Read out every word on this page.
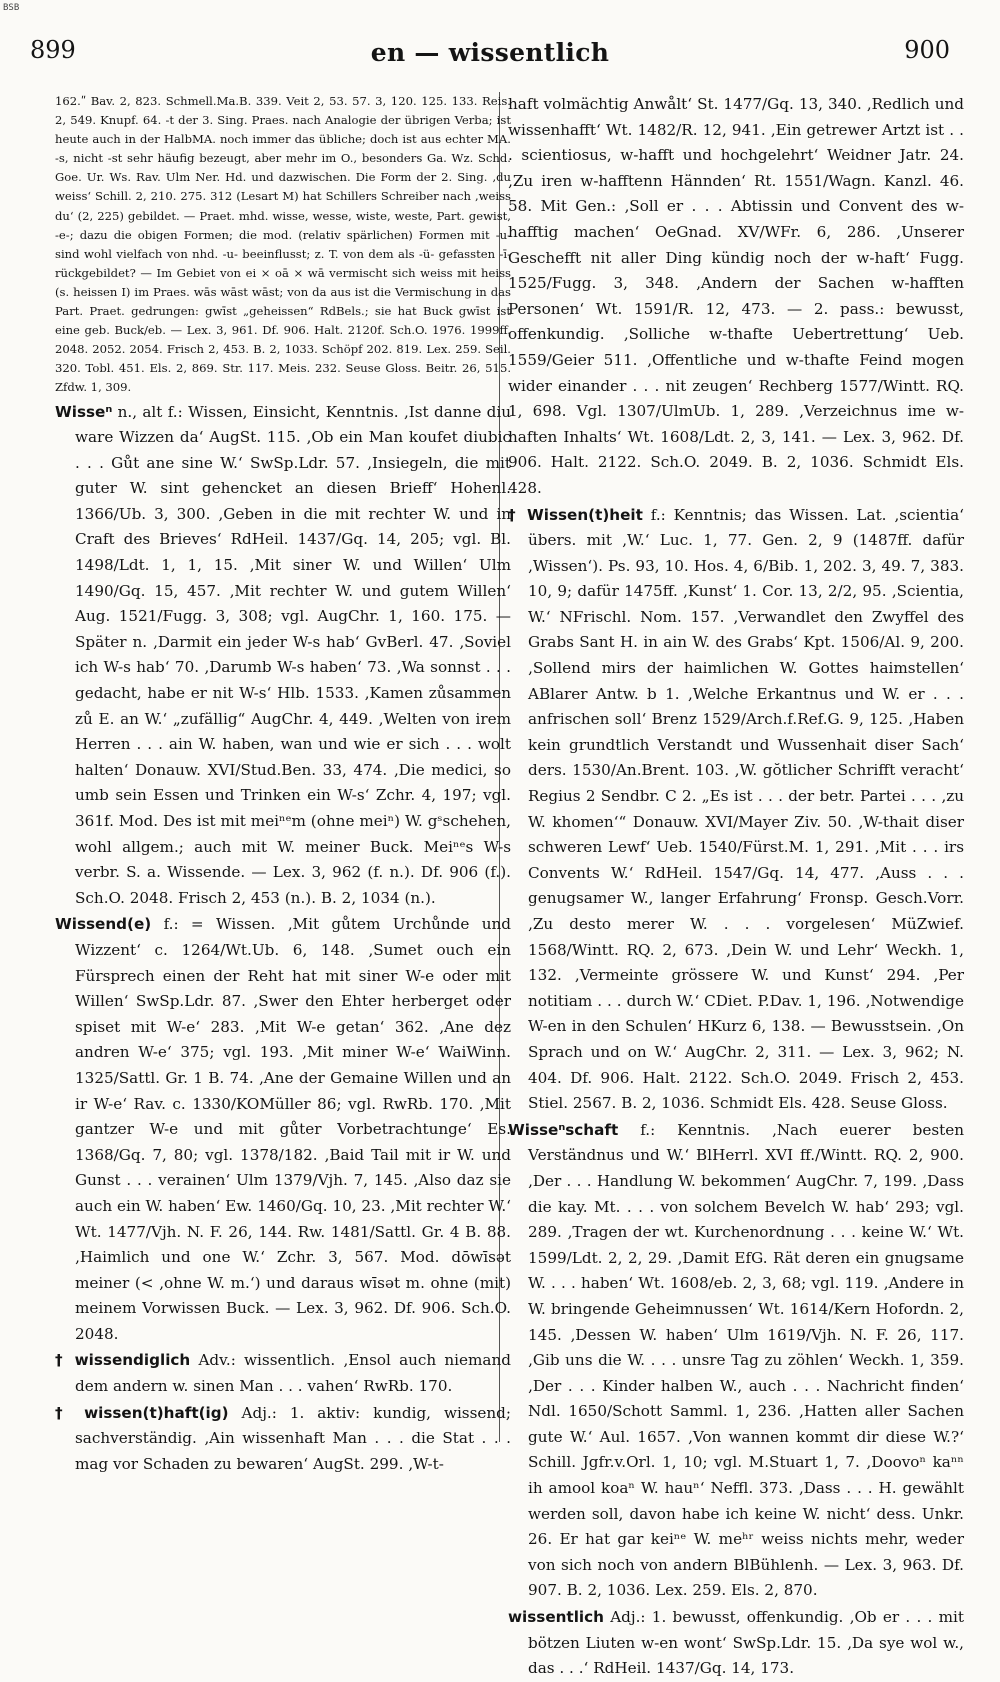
BSB
899	en — wissentlich	900

162.ʺ Bav. 2, 823. Schmell.Ma.B. 339. Veit 2, 53. 57. 3, 120. 125. 133. Reis. 2, 549. Knupf. 64. -t der 3. Sing. Praes. nach Analogie der übrigen Verba; ist heute auch in der HalbMA. noch immer das übliche; doch ist aus echter MA. -s, nicht -st sehr häufig bezeugt, aber mehr im O., besonders Ga. Wz. Schd. Goe. Ur. Ws. Rav. Ulm Ner. Hd. und dazwischen. Die Form der 2. Sing. ‚du weiss‘ Schill. 2, 210. 275. 312 (Lesart M) hat Schillers Schreiber nach ‚weiss du‘ (2, 225) gebildet. — Praet. mhd. wisse, wesse, wiste, weste, Part. gewist, -e-; dazu die obigen Formen; die mod. (relativ spärlichen) Formen mit -u- sind wohl vielfach von nhd. -u- beeinflusst; z. T. von dem als -ü- gefassten -ī- rückgebildet? — Im Gebiet von ei × oā × wā vermischt sich weiss mit heiss (s. heissen I) im Praes. wās wāst wāst; von da aus ist die Vermischung in das Part. Praet. gedrungen: gwīst „geheissen“ RdBels.; sie hat Buck gwīst ist eine geb. Buck/eb. — Lex. 3, 961. Df. 906. Halt. 2120f. Sch.O. 1976. 1999ff. 2048. 2052. 2054. Frisch 2, 453. B. 2, 1033. Schöpf 202. 819. Lex. 259. Seil. 320. Tobl. 451. Els. 2, 869. Str. 117. Meis. 232. Seuse Gloss. Beitr. 26, 515. Zfdw. 1, 309.

Wisseⁿ n., alt f.: Wissen, Einsicht, Kenntnis. ‚Ist danne diu ware Wizzen da‘ AugSt. 115. ‚Ob ein Man koufet diubic . . . Gůt ane sine W.‘ SwSp.Ldr. 57. ‚Insiegeln, die mit guter W. sint gehencket an diesen Brieff‘ Hohenl. 1366/Ub. 3, 300. ‚Geben in die mit rechter W. und in Craft des Brieves‘ RdHeil. 1437/Gq. 14, 205; vgl. Bl. 1498/Ldt. 1, 1, 15. ‚Mit siner W. und Willen‘ Ulm 1490/Gq. 15, 457. ‚Mit rechter W. und gutem Willen‘ Aug. 1521/Fugg. 3, 308; vgl. AugChr. 1, 160. 175. — Später n. ‚Darmit ein jeder W-s hab‘ GvBerl. 47. ‚Soviel ich W-s hab‘ 70. ‚Darumb W-s haben‘ 73. ‚Wa sonnst . . . gedacht, habe er nit W-s‘ Hlb. 1533. ‚Kamen zůsammen zů E. an W.‘ „zufällig“ AugChr. 4, 449. ‚Welten von irem Herren . . . ain W. haben, wan und wie er sich . . . wolt halten‘ Donauw. XVI/Stud.Ben. 33, 474. ‚Die medici, so umb sein Essen und Trinken ein W-s‘ Zchr. 4, 197; vgl. 361f. Mod. Des ist mit meiⁿᵉm (ohne meiⁿ) W. gˢschehen, wohl allgem.; auch mit W. meiner Buck. Meiⁿᵉs W-s verbr. S. a. Wissende. — Lex. 3, 962 (f. n.). Df. 906 (f.). Sch.O. 2048. Frisch 2, 453 (n.). B. 2, 1034 (n.).

Wissend(e) f.: = Wissen. ‚Mit gůtem Urchůnde und Wizzent‘ c. 1264/Wt.Ub. 6, 148. ‚Sumet ouch ein Fürsprech einen der Reht hat mit siner W-e oder mit Willen‘ SwSp.Ldr. 87. ‚Swer den Ehter herberget oder spiset mit W-e‘ 283. ‚Mit W-e getan‘ 362. ‚Ane dez andren W-e‘ 375; vgl. 193. ‚Mit miner W-e‘ WaiWinn. 1325/Sattl. Gr. 1 B. 74. ‚Ane der Gemaine Willen und an ir W-e‘ Rav. c. 1330/KOMüller 86; vgl. RwRb. 170. ‚Mit gantzer W-e und mit gůter Vorbetrachtunge‘ Es. 1368/Gq. 7, 80; vgl. 1378/182. ‚Baid Tail mit ir W. und Gunst . . . verainen‘ Ulm 1379/Vjh. 7, 145. ‚Also daz sie auch ein W. haben‘ Ew. 1460/Gq. 10, 23. ‚Mit rechter W.‘ Wt. 1477/Vjh. N. F. 26, 144. Rw. 1481/Sattl. Gr. 4 B. 88. ‚Haimlich und one W.‘ Zchr. 3, 567. Mod. dōwīsət meiner (< ‚ohne W. m.‘) und daraus wīsət m. ohne (mit) meinem Vorwissen Buck. — Lex. 3, 962. Df. 906. Sch.O. 2048.

† wissendiglich Adv.: wissentlich. ‚Ensol auch niemand dem andern w. sinen Man . . . vahen‘ RwRb. 170.

† wissen(t)haft(ig) Adj.: 1. aktiv: kundig, wissend; sachverständig. ‚Ain wissenhaft Man . . . die Stat . . . mag vor Schaden zu bewaren‘ AugSt. 299. ‚W-t-

haft volmächtig Anwålt‘ St. 1477/Gq. 13, 340. ‚Redlich und wissenhafft‘ Wt. 1482/R. 12, 941. ‚Ein getrewer Artzt ist . . . scientiosus, w-hafft und hochgelehrt‘ Weidner Jatr. 24. ‚Zu iren w-hafftenn Hännden‘ Rt. 1551/Wagn. Kanzl. 46. 58. Mit Gen.: ‚Soll er . . . Abtissin und Convent des w-hafftig machen‘ OeGnad. XV/WFr. 6, 286. ‚Unserer Geschefft nit aller Ding kündig noch der w-haft‘ Fugg. 1525/Fugg. 3, 348. ‚Andern der Sachen w-hafften Personen‘ Wt. 1591/R. 12, 473. — 2. pass.: bewusst, offenkundig. ‚Solliche w-thafte Uebertrettung‘ Ueb. 1559/Geier 511. ‚Offentliche und w-thafte Feind mogen wider einander . . . nit zeugen‘ Rechberg 1577/Wintt. RQ. 1, 698. Vgl. 1307/UlmUb. 1, 289. ‚Verzeichnus ime w-haften Inhalts‘ Wt. 1608/Ldt. 2, 3, 141. — Lex. 3, 962. Df. 906. Halt. 2122. Sch.O. 2049. B. 2, 1036. Schmidt Els. 428.

† Wissen(t)heit f.: Kenntnis; das Wissen. Lat. ‚scientia‘ übers. mit ‚W.‘ Luc. 1, 77. Gen. 2, 9 (1487ff. dafür ‚Wissen‘). Ps. 93, 10. Hos. 4, 6/Bib. 1, 202. 3, 49. 7, 383. 10, 9; dafür 1475ff. ‚Kunst‘ 1. Cor. 13, 2/2, 95. ‚Scientia, W.‘ NFrischl. Nom. 157. ‚Verwandlet den Zwyffel des Grabs Sant H. in ain W. des Grabs‘ Kpt. 1506/Al. 9, 200. ‚Sollend mirs der haimlichen W. Gottes haimstellen‘ ABlarer Antw. b 1. ‚Welche Erkantnus und W. er . . . anfrischen soll‘ Brenz 1529/Arch.f.Ref.G. 9, 125. ‚Haben kein grundtlich Verstandt und Wussenhait diser Sach‘ ders. 1530/An.Brent. 103. ‚W. gŏtlicher Schrifft veracht‘ Regius 2 Sendbr. C 2. „Es ist . . . der betr. Partei . . . ‚zu W. khomen‘“ Donauw. XVI/Mayer Ziv. 50. ‚W-thait diser schweren Lewf‘ Ueb. 1540/Fürst.M. 1, 291. ‚Mit . . . irs Convents W.‘ RdHeil. 1547/Gq. 14, 477. ‚Auss . . . genugsamer W., langer Erfahrung‘ Fronsp. Gesch.Vorr. ‚Zu desto merer W. . . . vorgelesen‘ MüZwief. 1568/Wintt. RQ. 2, 673. ‚Dein W. und Lehr‘ Weckh. 1, 132. ‚Vermeinte grössere W. und Kunst‘ 294. ‚Per notitiam . . . durch W.‘ CDiet. P.Dav. 1, 196. ‚Notwendige W-en in den Schulen‘ HKurz 6, 138. — Bewusstsein. ‚On Sprach und on W.‘ AugChr. 2, 311. — Lex. 3, 962; N. 404. Df. 906. Halt. 2122. Sch.O. 2049. Frisch 2, 453. Stiel. 2567. B. 2, 1036. Schmidt Els. 428. Seuse Gloss.

Wisseⁿschaft f.: Kenntnis. ‚Nach euerer besten Verständnus und W.‘ BlHerrl. XVI ff./Wintt. RQ. 2, 900. ‚Der . . . Handlung W. bekommen‘ AugChr. 7, 199. ‚Dass die kay. Mt. . . . von solchem Bevelch W. hab‘ 293; vgl. 289. ‚Tragen der wt. Kurchenordnung . . . keine W.‘ Wt. 1599/Ldt. 2, 2, 29. ‚Damit EfG. Rät deren ein gnugsame W. . . . haben‘ Wt. 1608/eb. 2, 3, 68; vgl. 119. ‚Andere in W. bringende Geheimnussen‘ Wt. 1614/Kern Hofordn. 2, 145. ‚Dessen W. haben‘ Ulm 1619/Vjh. N. F. 26, 117. ‚Gib uns die W. . . . unsre Tag zu zöhlen‘ Weckh. 1, 359. ‚Der . . . Kinder halben W., auch . . . Nachricht finden‘ Ndl. 1650/Schott Samml. 1, 236. ‚Hatten aller Sachen gute W.‘ Aul. 1657. ‚Von wannen kommt dir diese W.?‘ Schill. Jgfr.v.Orl. 1, 10; vgl. M.Stuart 1, 7. ‚Doovoⁿ kaⁿⁿ ih amool koaⁿ W. hauⁿ‘ Neffl. 373. ‚Dass . . . H. gewählt werden soll, davon habe ich keine W. nicht‘ dess. Unkr. 26. Er hat gar keiⁿᵉ W. meʰʳ weiss nichts mehr, weder von sich noch von andern BlBühlenh. — Lex. 3, 963. Df. 907. B. 2, 1036. Lex. 259. Els. 2, 870.

wissentlich Adj.: 1. bewusst, offenkundig. ‚Ob er . . . mit bötzen Liuten w-en wont‘ SwSp.Ldr. 15. ‚Da sye wol w., das . . .‘ RdHeil. 1437/Gq. 14, 173.
